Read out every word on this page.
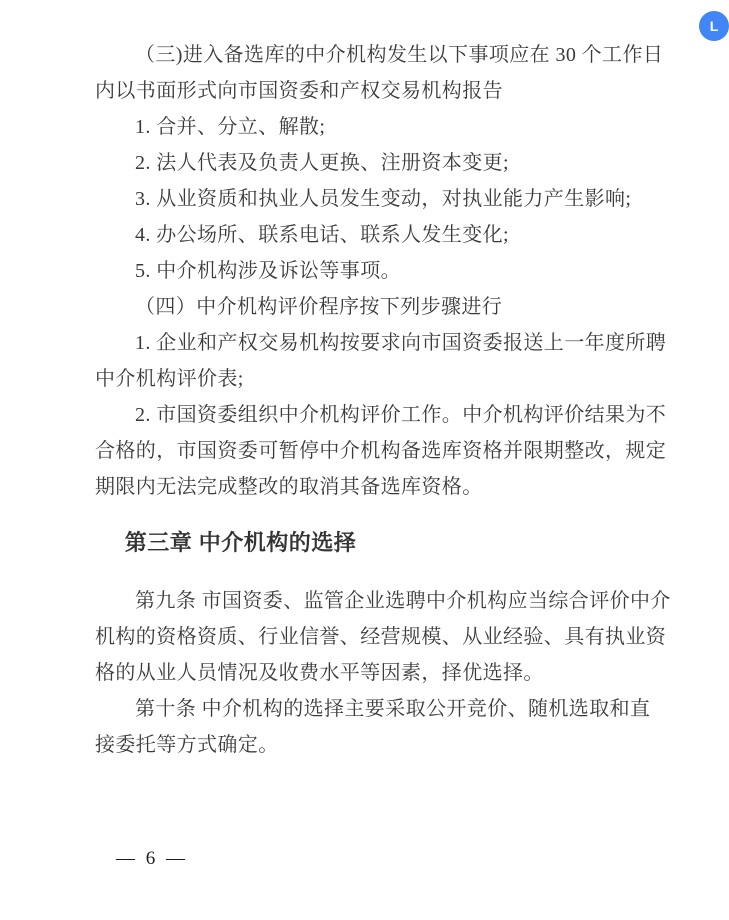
（三)进入备选库的中介机构发生以下事项应在 30 个工作日
内以书面形式向市国资委和产权交易机构报告
1. 合并、分立、解散;
2. 法人代表及负责人更换、注册资本变更;
3. 从业资质和执业人员发生变动，对执业能力产生影响;
4. 办公场所、联系电话、联系人发生变化;
5. 中介机构涉及诉讼等事项。
（四）中介机构评价程序按下列步骤进行
1. 企业和产权交易机构按要求向市国资委报送上一年度所聘
中介机构评价表;
2. 市国资委组织中介机构评价工作。中介机构评价结果为不
合格的，市国资委可暂停中介机构备选库资格并限期整改，规定
期限内无法完成整改的取消其备选库资格。
第三章 中介机构的选择
第九条 市国资委、监管企业选聘中介机构应当综合评价中介
机构的资格资质、行业信誉、经营规模、从业经验、具有执业资
格的从业人员情况及收费水平等因素，择优选择。
第十条 中介机构的选择主要采取公开竞价、随机选取和直
接委托等方式确定。
— 6 —
L
